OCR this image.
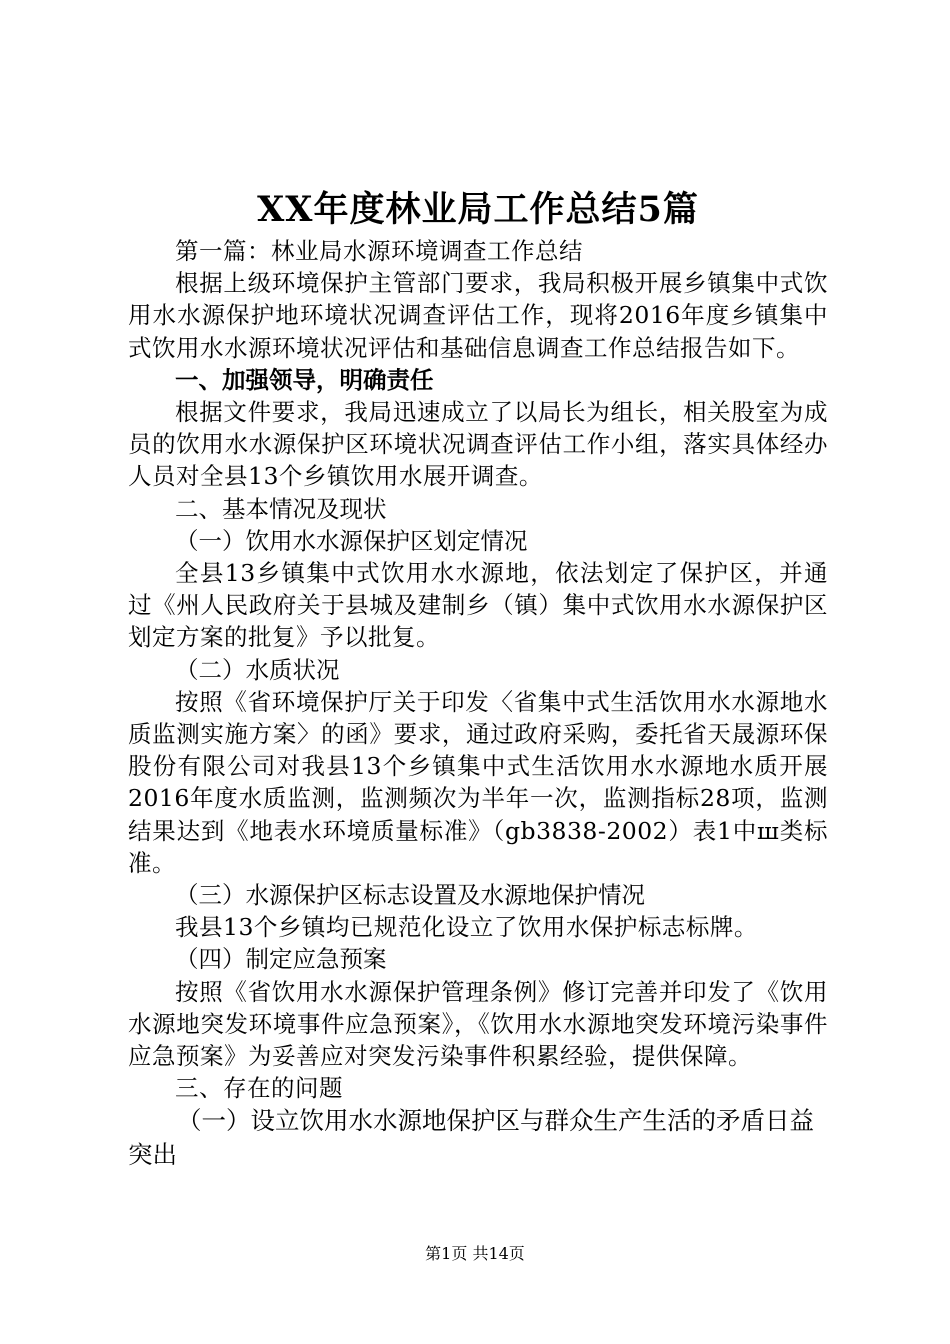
XX年度林业局工作总结5篇
第一篇：林业局水源环境调查工作总结
根据上级环境保护主管部门要求，我局积极开展乡镇集中式饮用水水源保护地环境状况调查评估工作，现将2016年度乡镇集中式饮用水水源环境状况评估和基础信息调查工作总结报告如下。
一、加强领导，明确责任
根据文件要求，我局迅速成立了以局长为组长，相关股室为成员的饮用水水源保护区环境状况调查评估工作小组，落实具体经办人员对全县13个乡镇饮用水展开调查。
二、基本情况及现状
（一）饮用水水源保护区划定情况
全县13乡镇集中式饮用水水源地，依法划定了保护区，并通过《州人民政府关于县城及建制乡（镇）集中式饮用水水源保护区划定方案的批复》予以批复。
（二）水质状况
按照《省环境保护厅关于印发〈省集中式生活饮用水水源地水质监测实施方案〉的函》要求，通过政府采购，委托省天晟源环保股份有限公司对我县13个乡镇集中式生活饮用水水源地水质开展2016年度水质监测，监测频次为半年一次，监测指标28项，监测结果达到《地表水环境质量标准》（gb3838-2002）表1中ш类标准。
（三）水源保护区标志设置及水源地保护情况
我县13个乡镇均已规范化设立了饮用水保护标志标牌。
（四）制定应急预案
按照《省饮用水水源保护管理条例》修订完善并印发了《饮用水源地突发环境事件应急预案》，《饮用水水源地突发环境污染事件应急预案》为妥善应对突发污染事件积累经验，提供保障。
三、存在的问题
（一）设立饮用水水源地保护区与群众生产生活的矛盾日益突出
第1页 共14页
